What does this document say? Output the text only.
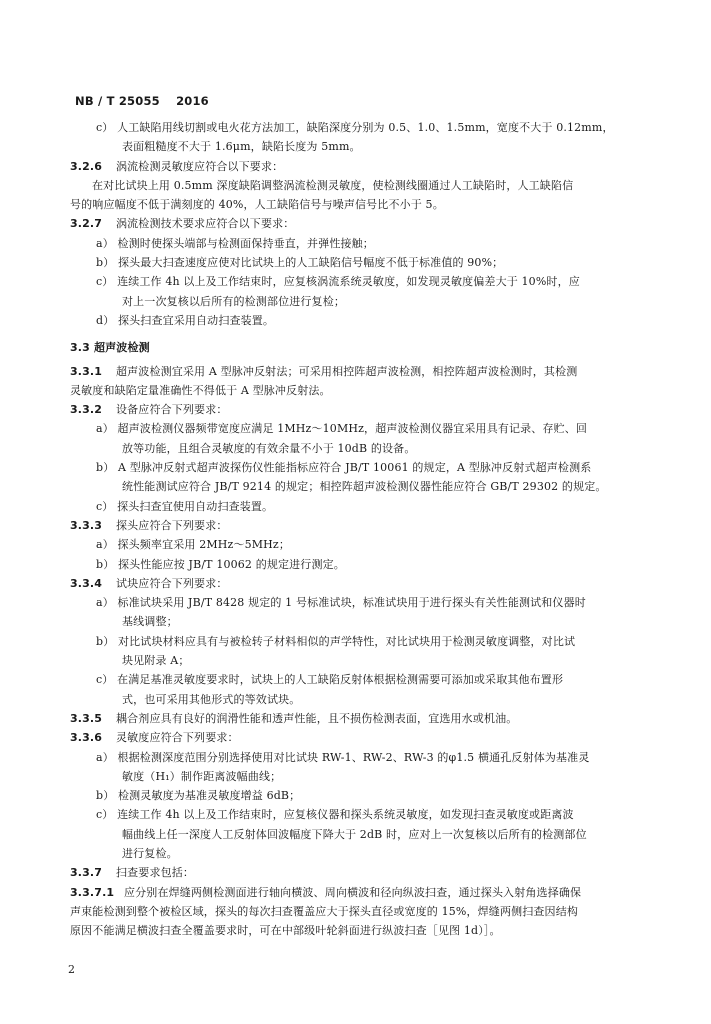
NB / T 25055 2016
c） 人工缺陷用线切割或电火花方法加工，缺陷深度分别为 0.5、1.0、1.5mm，宽度不大于 0.12mm，
表面粗糙度不大于 1.6μm，缺陷长度为 5mm。
3.2.6 涡流检测灵敏度应符合以下要求：
在对比试块上用 0.5mm 深度缺陷调整涡流检测灵敏度，使检测线圈通过人工缺陷时，人工缺陷信
号的响应幅度不低于满刻度的 40%，人工缺陷信号与噪声信号比不小于 5。
3.2.7 涡流检测技术要求应符合以下要求：
a） 检测时使探头端部与检测面保持垂直，并弹性接触；
b） 探头最大扫查速度应使对比试块上的人工缺陷信号幅度不低于标准值的 90%；
c） 连续工作 4h 以上及工作结束时，应复核涡流系统灵敏度，如发现灵敏度偏差大于 10%时，应
对上一次复核以后所有的检测部位进行复检；
d） 探头扫查宜采用自动扫查装置。
3.3 超声波检测
3.3.1 超声波检测宜采用 A 型脉冲反射法；可采用相控阵超声波检测，相控阵超声波检测时，其检测
灵敏度和缺陷定量准确性不得低于 A 型脉冲反射法。
3.3.2 设备应符合下列要求：
a） 超声波检测仪器频带宽度应满足 1MHz～10MHz，超声波检测仪器宜采用具有记录、存贮、回
放等功能，且组合灵敏度的有效余量不小于 10dB 的设备。
b） A 型脉冲反射式超声波探伤仪性能指标应符合 JB/T 10061 的规定，A 型脉冲反射式超声检测系
统性能测试应符合 JB/T 9214 的规定；相控阵超声波检测仪器性能应符合 GB/T 29302 的规定。
c） 探头扫查宜使用自动扫查装置。
3.3.3 探头应符合下列要求：
a） 探头频率宜采用 2MHz～5MHz；
b） 探头性能应按 JB/T 10062 的规定进行测定。
3.3.4 试块应符合下列要求：
a） 标准试块采用 JB/T 8428 规定的 1 号标准试块，标准试块用于进行探头有关性能测试和仪器时
基线调整；
b） 对比试块材料应具有与被检转子材料相似的声学特性，对比试块用于检测灵敏度调整，对比试
块见附录 A；
c） 在满足基准灵敏度要求时，试块上的人工缺陷反射体根据检测需要可添加或采取其他布置形
式，也可采用其他形式的等效试块。
3.3.5 耦合剂应具有良好的润滑性能和透声性能，且不损伤检测表面，宜选用水或机油。
3.3.6 灵敏度应符合下列要求：
a） 根据检测深度范围分别选择使用对比试块 RW-1、RW-2、RW-3 的φ1.5 横通孔反射体为基准灵
敏度（H₁）制作距离波幅曲线；
b） 检测灵敏度为基准灵敏度增益 6dB；
c） 连续工作 4h 以上及工作结束时，应复核仪器和探头系统灵敏度，如发现扫查灵敏度或距离波
幅曲线上任一深度人工反射体回波幅度下降大于 2dB 时，应对上一次复核以后所有的检测部位
进行复检。
3.3.7 扫查要求包括：
3.3.7.1 应分别在焊缝两侧检测面进行轴向横波、周向横波和径向纵波扫查，通过探头入射角选择确保
声束能检测到整个被检区域，探头的每次扫查覆盖应大于探头直径或宽度的 15%，焊缝两侧扫查因结构
原因不能满足横波扫查全覆盖要求时，可在中部级叶轮斜面进行纵波扫查［见图 1d）］。
2
